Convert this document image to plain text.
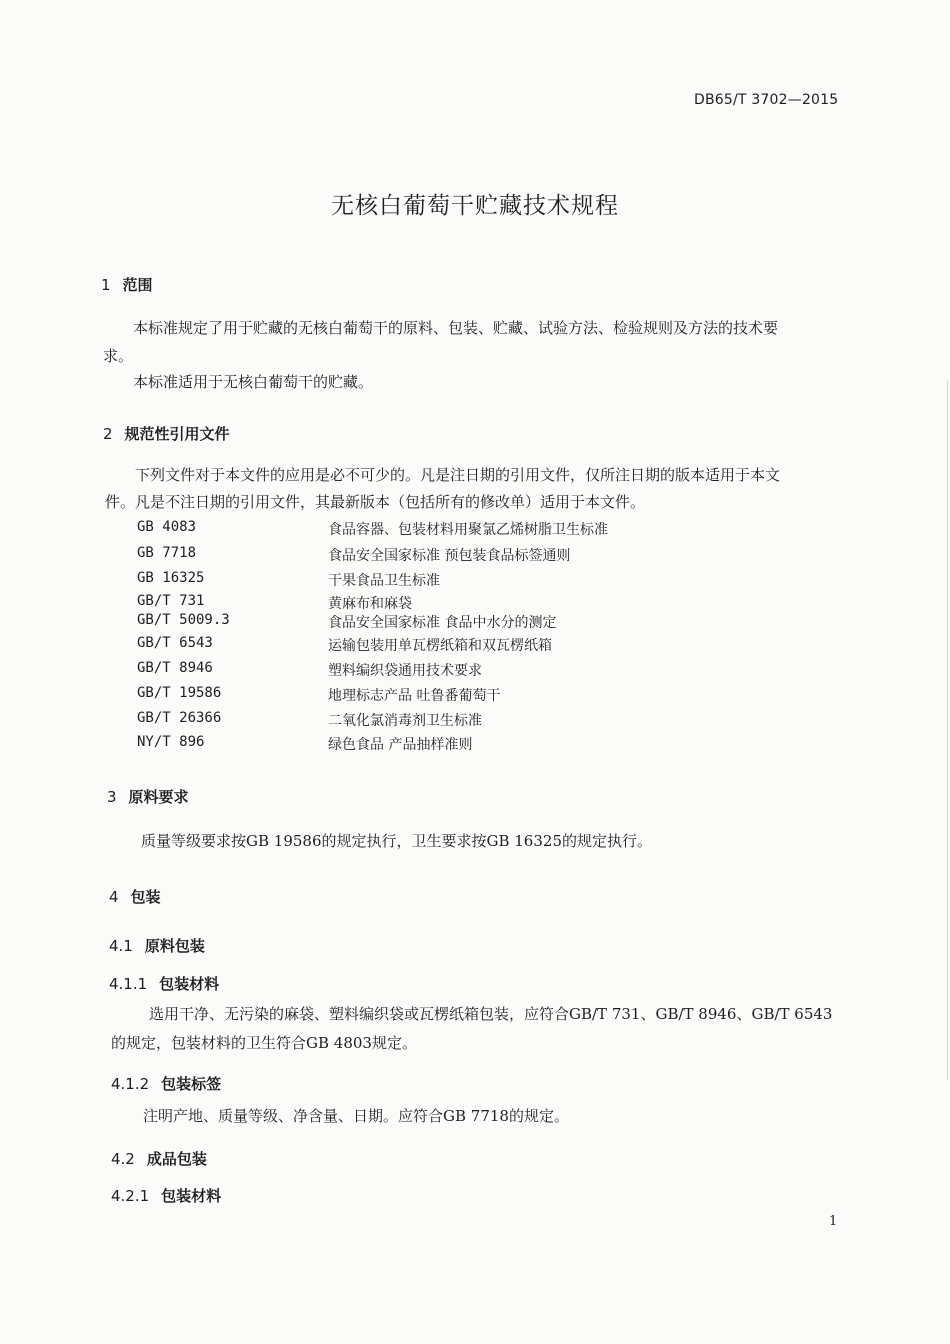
DB65/T 3702—2015
无核白葡萄干贮藏技术规程
1 范围
本标准规定了用于贮藏的无核白葡萄干的原料、包装、贮藏、试验方法、检验规则及方法的技术要
求。
本标准适用于无核白葡萄干的贮藏。
2 规范性引用文件
下列文件对于本文件的应用是必不可少的。凡是注日期的引用文件，仅所注日期的版本适用于本文
件。凡是不注日期的引用文件，其最新版本（包括所有的修改单）适用于本文件。
GB 4083	食品容器、包装材料用聚氯乙烯树脂卫生标准
GB 7718	食品安全国家标准 预包装食品标签通则
GB 16325	干果食品卫生标准
GB/T 731	黄麻布和麻袋
GB/T 5009.3	食品安全国家标准 食品中水分的测定
GB/T 6543	运输包装用单瓦楞纸箱和双瓦楞纸箱
GB/T 8946	塑料编织袋通用技术要求
GB/T 19586	地理标志产品 吐鲁番葡萄干
GB/T 26366	二氧化氯消毒剂卫生标准
NY/T 896	绿色食品 产品抽样准则
3 原料要求
质量等级要求按GB 19586的规定执行，卫生要求按GB 16325的规定执行。
4 包装
4.1 原料包装
4.1.1 包装材料
选用干净、无污染的麻袋、塑料编织袋或瓦楞纸箱包装，应符合GB/T 731、GB/T 8946、GB/T 6543
的规定，包装材料的卫生符合GB 4803规定。
4.1.2 包装标签
注明产地、质量等级、净含量、日期。应符合GB 7718的规定。
4.2 成品包装
4.2.1 包装材料
1
